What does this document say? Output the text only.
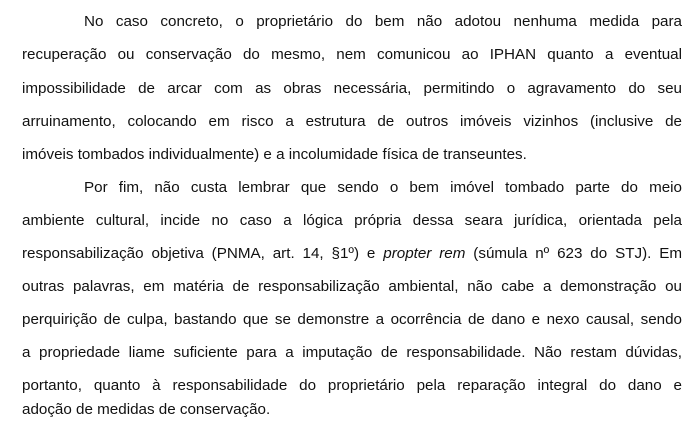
No caso concreto, o proprietário do bem não adotou nenhuma medida para
recuperação ou conservação do mesmo, nem comunicou ao IPHAN quanto a eventual
impossibilidade de arcar com as obras necessária, permitindo o agravamento do seu
arruinamento, colocando em risco a estrutura de outros imóveis vizinhos (inclusive de
imóveis tombados individualmente) e a incolumidade física de transeuntes.
Por fim, não custa lembrar que sendo o bem imóvel tombado parte do meio
ambiente cultural, incide no caso a lógica própria dessa seara jurídica, orientada pela
responsabilização objetiva (PNMA, art. 14, §1º) e propter rem (súmula nº 623 do STJ). Em
outras palavras, em matéria de responsabilização ambiental, não cabe a demonstração ou
perquirição de culpa, bastando que se demonstre a ocorrência de dano e nexo causal, sendo
a propriedade liame suficiente para a imputação de responsabilidade. Não restam dúvidas,
portanto, quanto à responsabilidade do proprietário pela reparação integral do dano e
adoção de medidas de conservação.
